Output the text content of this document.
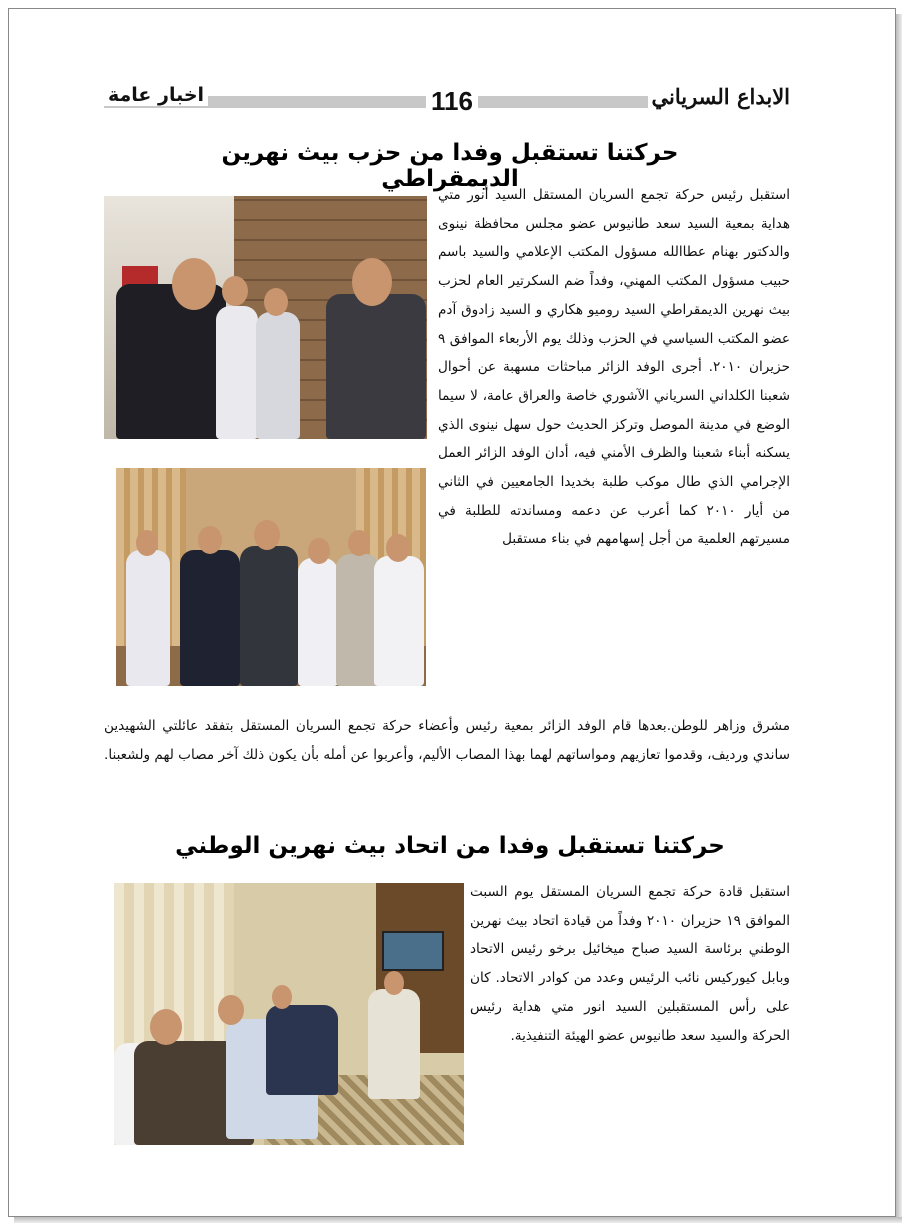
الابداع السرياني
116
اخبار عامة
حركتنا تستقبل وفدا من حزب بيث نهرين الديمقراطي
استقبل رئيس حركة تجمع السريان المستقل السيد أنور متي هداية بمعية السيد سعد طانيوس عضو مجلس محافظة نينوى والدكتور بهنام عطاالله مسؤول المكتب الإعلامي والسيد باسم حبيب مسؤول المكتب المهني، وفداً ضم السكرتير العام لحزب بيث نهرين الديمقراطي السيد روميو هكاري و السيد زادوق آدم عضو المكتب السياسي في الحزب وذلك يوم الأربعاء الموافق ٩ حزيران ٢٠١٠. أجرى الوفد الزائر مباحثات مسهبة عن أحوال شعبنا الكلداني السرياني الآشوري خاصة والعراق عامة، لا سيما الوضع في مدينة الموصل وتركز الحديث حول سهل نينوى الذي يسكنه أبناء شعبنا والظرف الأمني فيه، أدان الوفد الزائر العمل الإجرامي الذي طال موكب طلبة بخديدا الجامعيين في الثاني من أيار ٢٠١٠ كما أعرب عن دعمه ومساندته للطلبة في مسيرتهم العلمية من أجل إسهامهم في بناء مستقبل
مشرق وزاهر للوطن.بعدها قام الوفد الزائر بمعية رئيس وأعضاء حركة تجمع السريان المستقل بتفقد عائلتي الشهيدين ساندي ورديف، وقدموا تعازيهم ومواساتهم لهما بهذا المصاب الأليم، وأعربوا عن أمله بأن يكون ذلك آخر مصاب لهم ولشعبنا.
حركتنا تستقبل وفدا من اتحاد بيث نهرين الوطني
استقبل قادة حركة تجمع السريان المستقل يوم السبت الموافق ١٩ حزيران ٢٠١٠ وفداً من قيادة اتحاد بيث نهرين الوطني برئاسة السيد صباح ميخائيل برخو رئيس الاتحاد وبابل كيوركيس نائب الرئيس وعدد من كوادر الاتحاد. كان على رأس المستقبلين السيد انور متي هداية رئيس الحركة والسيد سعد طانيوس عضو الهيئة التنفيذية.
